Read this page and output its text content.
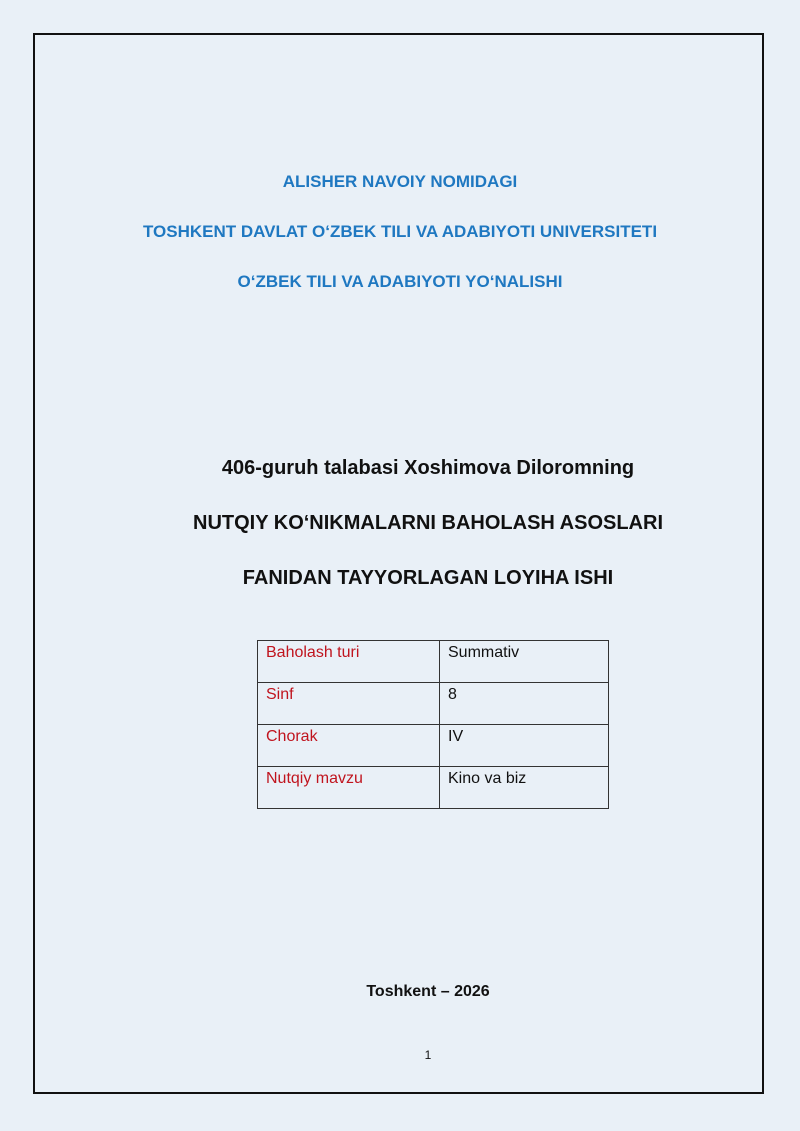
ALISHER NAVOIY NOMIDAGI
TOSHKENT DAVLAT O‘ZBEK TILI VA ADABIYOTI UNIVERSITETI
O‘ZBEK TILI VA ADABIYOTI YO‘NALISHI
406-guruh talabasi Xoshimova Diloromning
NUTQIY KO‘NIKMALARNI BAHOLASH ASOSLARI
FANIDAN TAYYORLAGAN LOYIHA ISHI
Baholash turi	Summativ
Sinf	8
Chorak	IV
Nutqiy mavzu	Kino va biz
Toshkent – 2026
1
